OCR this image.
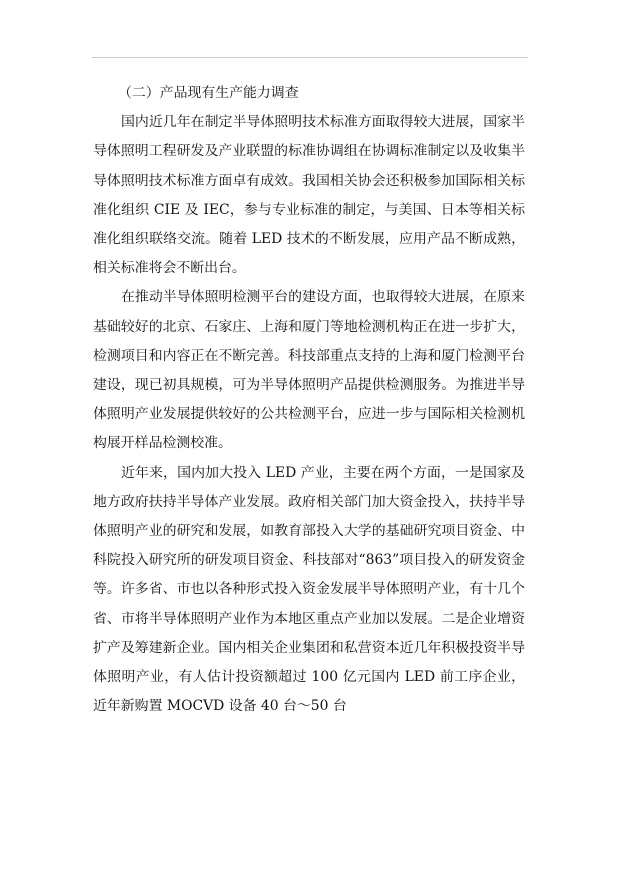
（二）产品现有生产能力调查

国内近几年在制定半导体照明技术标准方面取得较大进展，国家半导体照明工程研发及产业联盟的标准协调组在协调标准制定以及收集半导体照明技术标准方面卓有成效。我国相关协会还积极参加国际相关标准化组织 CIE 及 IEC，参与专业标准的制定，与美国、日本等相关标准化组织联络交流。随着 LED 技术的不断发展，应用产品不断成熟，相关标准将会不断出台。

在推动半导体照明检测平台的建设方面，也取得较大进展，在原来基础较好的北京、石家庄、上海和厦门等地检测机构正在进一步扩大，检测项目和内容正在不断完善。科技部重点支持的上海和厦门检测平台建设，现已初具规模，可为半导体照明产品提供检测服务。为推进半导体照明产业发展提供较好的公共检测平台，应进一步与国际相关检测机构展开样品检测校准。

近年来，国内加大投入 LED 产业，主要在两个方面，一是国家及地方政府扶持半导体产业发展。政府相关部门加大资金投入，扶持半导体照明产业的研究和发展，如教育部投入大学的基础研究项目资金、中科院投入研究所的研发项目资金、科技部对“863”项目投入的研发资金等。许多省、市也以各种形式投入资金发展半导体照明产业，有十几个省、市将半导体照明产业作为本地区重点产业加以发展。二是企业增资扩产及筹建新企业。国内相关企业集团和私营资本近几年积极投资半导体照明产业，有人估计投资额超过 100 亿元国内 LED 前工序企业，近年新购置 MOCVD 设备 40 台～50 台
